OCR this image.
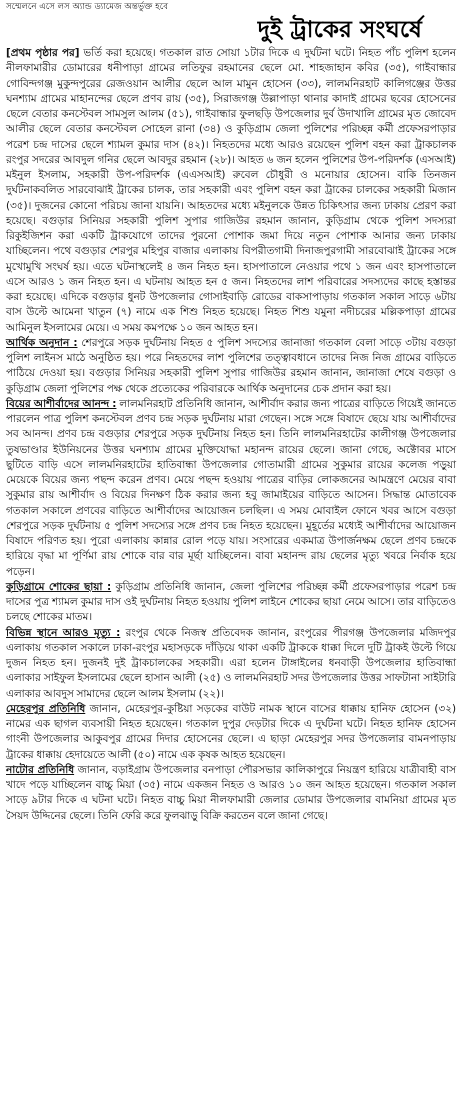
সম্মেলনে এসে লস অ্যান্ড ড্যামেজ অন্তর্ভুক্ত হবে
দুই ট্রাকের সংঘর্ষে

[প্রথম পৃষ্ঠার পর] ভর্তি করা হয়েছে। গতকাল রাত সোয়া ১টার দিকে এ দুর্ঘটনা ঘটে। নিহত পাঁচ পুলিশ হলেন নীলফামারীর ডোমারের ধনীপাড়া গ্রামের লতিফুর রহমানের ছেলে মো. শাহজাহান কবির (৩৫), গাইবান্ধার গোবিন্দগঞ্জ মুকুন্দপুরের রেজওয়ান আলীর ছেলে আল মামুন হোসেন (৩৩), লালমনিরহাট কালিগঞ্জের উত্তর ঘনশ্যাম গ্রামের মাহানন্দের ছেলে প্রণব রায় (৩৫), সিরাজগঞ্জ উল্লাপাড়া থানার কাদাই গ্রামের ছবের হোসেনের ছেলে বেতার কনস্টেবল সামসুল আলম (৫১), গাইবান্ধার ফুলছড়ি উপজেলার দুর্ব উদাখালি গ্রামের মৃত জোবেদ আলীর ছেলে বেতার কনস্টেবল সোহেল রানা (৩৪) ও কুড়িগ্রাম জেলা পুলিশের পরিচ্ছন্ন কর্মী প্রফেসরপাড়ার পরেশ চন্দ্র দাসের ছেলে শ্যামল কুমার দাস (৪২)। নিহতদের মধ্যে আরও রয়েছেন পুলিশ বহন করা ট্রাকচালক রংপুর সদরের আবদুল গনির ছেলে আবদুর রহমান (২৮)। আহত ৬ জন হলেন পুলিশের উপ-পরিদর্শক (এসআই) মইনুল ইসলাম, সহকারী উপ-পরিদর্শক (এএসআই) রুবেল চৌধুরী ও মনোয়ার হোসেন। বাকি তিনজন দুর্ঘটনাকবলিত সারবোঝাই ট্রাকের চালক, তার সহকারী এবং পুলিশ বহন করা ট্রাকের চালকের সহকারী মিজান (৩৫)। দুজনের কোনো পরিচয় জানা যায়নি। আহতদের মধ্যে মইনুলকে উন্নত চিকিৎসার জন্য ঢাকায় প্রেরণ করা হয়েছে। বগুড়ার সিনিয়র সহকারী পুলিশ সুপার গাজিউর রহমান জানান, কুড়িগ্রাম থেকে পুলিশ সদস্যরা রিকুইজিশন করা একটি ট্রাকযোগে তাদের পুরনো পোশাক জমা দিয়ে নতুন পোশাক আনার জন্য ঢাকায় যাচ্ছিলেন। পথে বগুড়ার শেরপুর মহিপুর বাজার এলাকায় বিপরীতগামী দিনাজপুরগামী সারবোঝাই ট্রাকের সঙ্গে মুখোমুখি সংঘর্ষ হয়। এতে ঘটনাস্থলেই ৪ জন নিহত হন। হাসপাতালে নেওয়ার পথে ১ জন এবং হাসপাতালে এসে আরও ১ জন নিহত হন। এ ঘটনায় আহত হন ৫ জন। নিহতদের লাশ পরিবারের সদস্যদের কাছে হস্তান্তর করা হয়েছে। এদিকে বগুড়ার ধুনট উপজেলার গোসাইবাড়ি রোডের বাকসাপাড়ায় গতকাল সকাল সাড়ে ৬টায় বাস উল্টে আমেনা খাতুন (৭) নামে এক শিশু নিহত হয়েছে। নিহত শিশু যমুনা নদীচরের মল্লিকপাড়া গ্রামের আমিনুল ইসলামের মেয়ে। এ সময় কমপক্ষে ১০ জন আহত হন।

আর্থিক অনুদান : শেরপুরে সড়ক দুর্ঘটনায় নিহত ৫ পুলিশ সদস্যের জানাজা গতকাল বেলা সাড়ে ৩টায় বগুড়া পুলিশ লাইনস মাঠে অনুষ্ঠিত হয়। পরে নিহতদের লাশ পুলিশের তত্ত্বাবধানে তাদের নিজ নিজ গ্রামের বাড়িতে পাঠিয়ে দেওয়া হয়। বগুড়ার সিনিয়র সহকারী পুলিশ সুপার গাজিউর রহমান জানান, জানাজা শেষে বগুড়া ও কুড়িগ্রাম জেলা পুলিশের পক্ষ থেকে প্রত্যেকের পরিবারকে আর্থিক অনুদানের চেক প্রদান করা হয়।

বিয়ের আশীর্বাদের আনন্দ : লালমনিরহাট প্রতিনিধি জানান, আশীর্বাদ করার জন্য পাত্রের বাড়িতে গিয়েই জানতে পারলেন পাত্র পুলিশ কনস্টেবল প্রণব চন্দ্র সড়ক দুর্ঘটনায় মারা গেছেন। সঙ্গে সঙ্গে বিষাদে ছেয়ে যায় আশীর্বাদের সব আনন্দ। প্রণব চন্দ্র বগুড়ার শেরপুরে সড়ক দুর্ঘটনায় নিহত হন। তিনি লালমনিরহাটের কালীগঞ্জ উপজেলার তুষভাণ্ডার ইউনিয়নের উত্তর ঘনশ্যাম গ্রামের মুক্তিযোদ্ধা মহানন্দ রায়ের ছেলে। জানা গেছে, অক্টোবর মাসে ছুটিতে বাড়ি এসে লালমনিরহাটের হাতিবান্ধা উপজেলার গোতামারী গ্রামের সুকুমার রায়ের কলেজ পড়ুয়া মেয়েকে বিয়ের জন্য পছন্দ করেন প্রণব। মেয়ে পছন্দ হওয়ায় পাত্রের বাড়ির লোকজনের আমন্ত্রণে মেয়ের বাবা সুকুমার রায় আশীর্বাদ ও বিয়ের দিনক্ষণ ঠিক করার জন্য হবু জামাইয়ের বাড়িতে আসেন। সিদ্ধান্ত মোতাবেক গতকাল সকালে প্রণবের বাড়িতে আশীর্বাদের আয়োজন চলছিল। এ সময় মোবাইল ফোনে খবর আসে বগুড়া শেরপুরে সড়ক দুর্ঘটনায় ৫ পুলিশ সদস্যের সঙ্গে প্রণব চন্দ্র নিহত হয়েছেন। মুহূর্তের মধ্যেই আশীর্বাদের আয়োজন বিষাদে পরিণত হয়। পুরো এলাকায় কান্নার রোল পড়ে যায়। সংসারের একমাত্র উপার্জনক্ষম ছেলে প্রণব চন্দ্রকে হারিয়ে বৃদ্ধা মা পূর্ণিমা রায় শোকে বার বার মূর্ছা যাচ্ছিলেন। বাবা মহানন্দ রায় ছেলের মৃত্যু খবরে নির্বাক হয়ে পড়েন।

কুড়িগ্রামে শোকের ছায়া : কুড়িগ্রাম প্রতিনিধি জানান, জেলা পুলিশের পরিচ্ছন্ন কর্মী প্রফেসরপাড়ার পরেশ চন্দ্র দাসের পুত্র শ্যামল কুমার দাস ওই দুর্ঘটনায় নিহত হওয়ায় পুলিশ লাইনে শোকের ছায়া নেমে আসে। তার বাড়িতেও চলছে শোকের মাতম।

বিভিন্ন স্থানে আরও মৃত্যু : রংপুর থেকে নিজস্ব প্রতিবেদক জানান, রংপুরের পীরগঞ্জ উপজেলার মজিদপুর এলাকায় গতকাল সকালে ঢাকা-রংপুর মহাসড়কে দাঁড়িয়ে থাকা একটি ট্রাককে ধাক্কা দিলে দুটি ট্রাকই উল্টে গিয়ে দুজন নিহত হন। দুজনই দুই ট্রাকচালকের সহকারী। এরা হলেন টাঙ্গাইলের ধনবাড়ী উপজেলার হাতিবান্ধা এলাকার সাইফুল ইসলামের ছেলে হাসান আলী (২৫) ও লালমনিরহাট সদর উপজেলার উত্তর সাফটানা সাইটারি এলাকার আবদুস সামাদের ছেলে আলম ইসলাম (২২)।

মেহেরপুর প্রতিনিধি জানান, মেহেরপুর-কুষ্টিয়া সড়কের বাউট নামক স্থানে বাসের ধাক্কায় হানিফ হোসেন (৩২) নামের এক ছাগল ব্যবসায়ী নিহত হয়েছেন। গতকাল দুপুর দেড়টার দিকে এ দুর্ঘটনা ঘটে। নিহত হানিফ হোসেন গাংনী উপজেলার আকুবপুর গ্রামের দিদার হোসেনের ছেলে। এ ছাড়া মেহেরপুর সদর উপজেলার বামনপাড়ায় ট্রাকের ধাক্কায় হেদায়েতে আলী (৫০) নামে এক কৃষক আহত হয়েছেন।

নাটোর প্রতিনিধি জানান, বড়াইগ্রাম উপজেলার বনপাড়া পৌরসভার কালিকাপুরে নিয়ন্ত্রণ হারিয়ে যাত্রীবাহী বাস খাদে পড়ে যাচ্ছিলেন বাচ্চু মিয়া (৩৫) নামে একজন নিহত ও আরও ১০ জন আহত হয়েছেন। গতকাল সকাল সাড়ে ৯টার দিকে এ ঘটনা ঘটে। নিহত বাচ্চু মিয়া নীলফামারী জেলার ডোমার উপজেলার বামনিয়া গ্রামের মৃত সৈয়দ উদ্দিনের ছেলে। তিনি ফেরি করে ফুলঝাড়ু বিক্রি করতেন বলে জানা গেছে।
